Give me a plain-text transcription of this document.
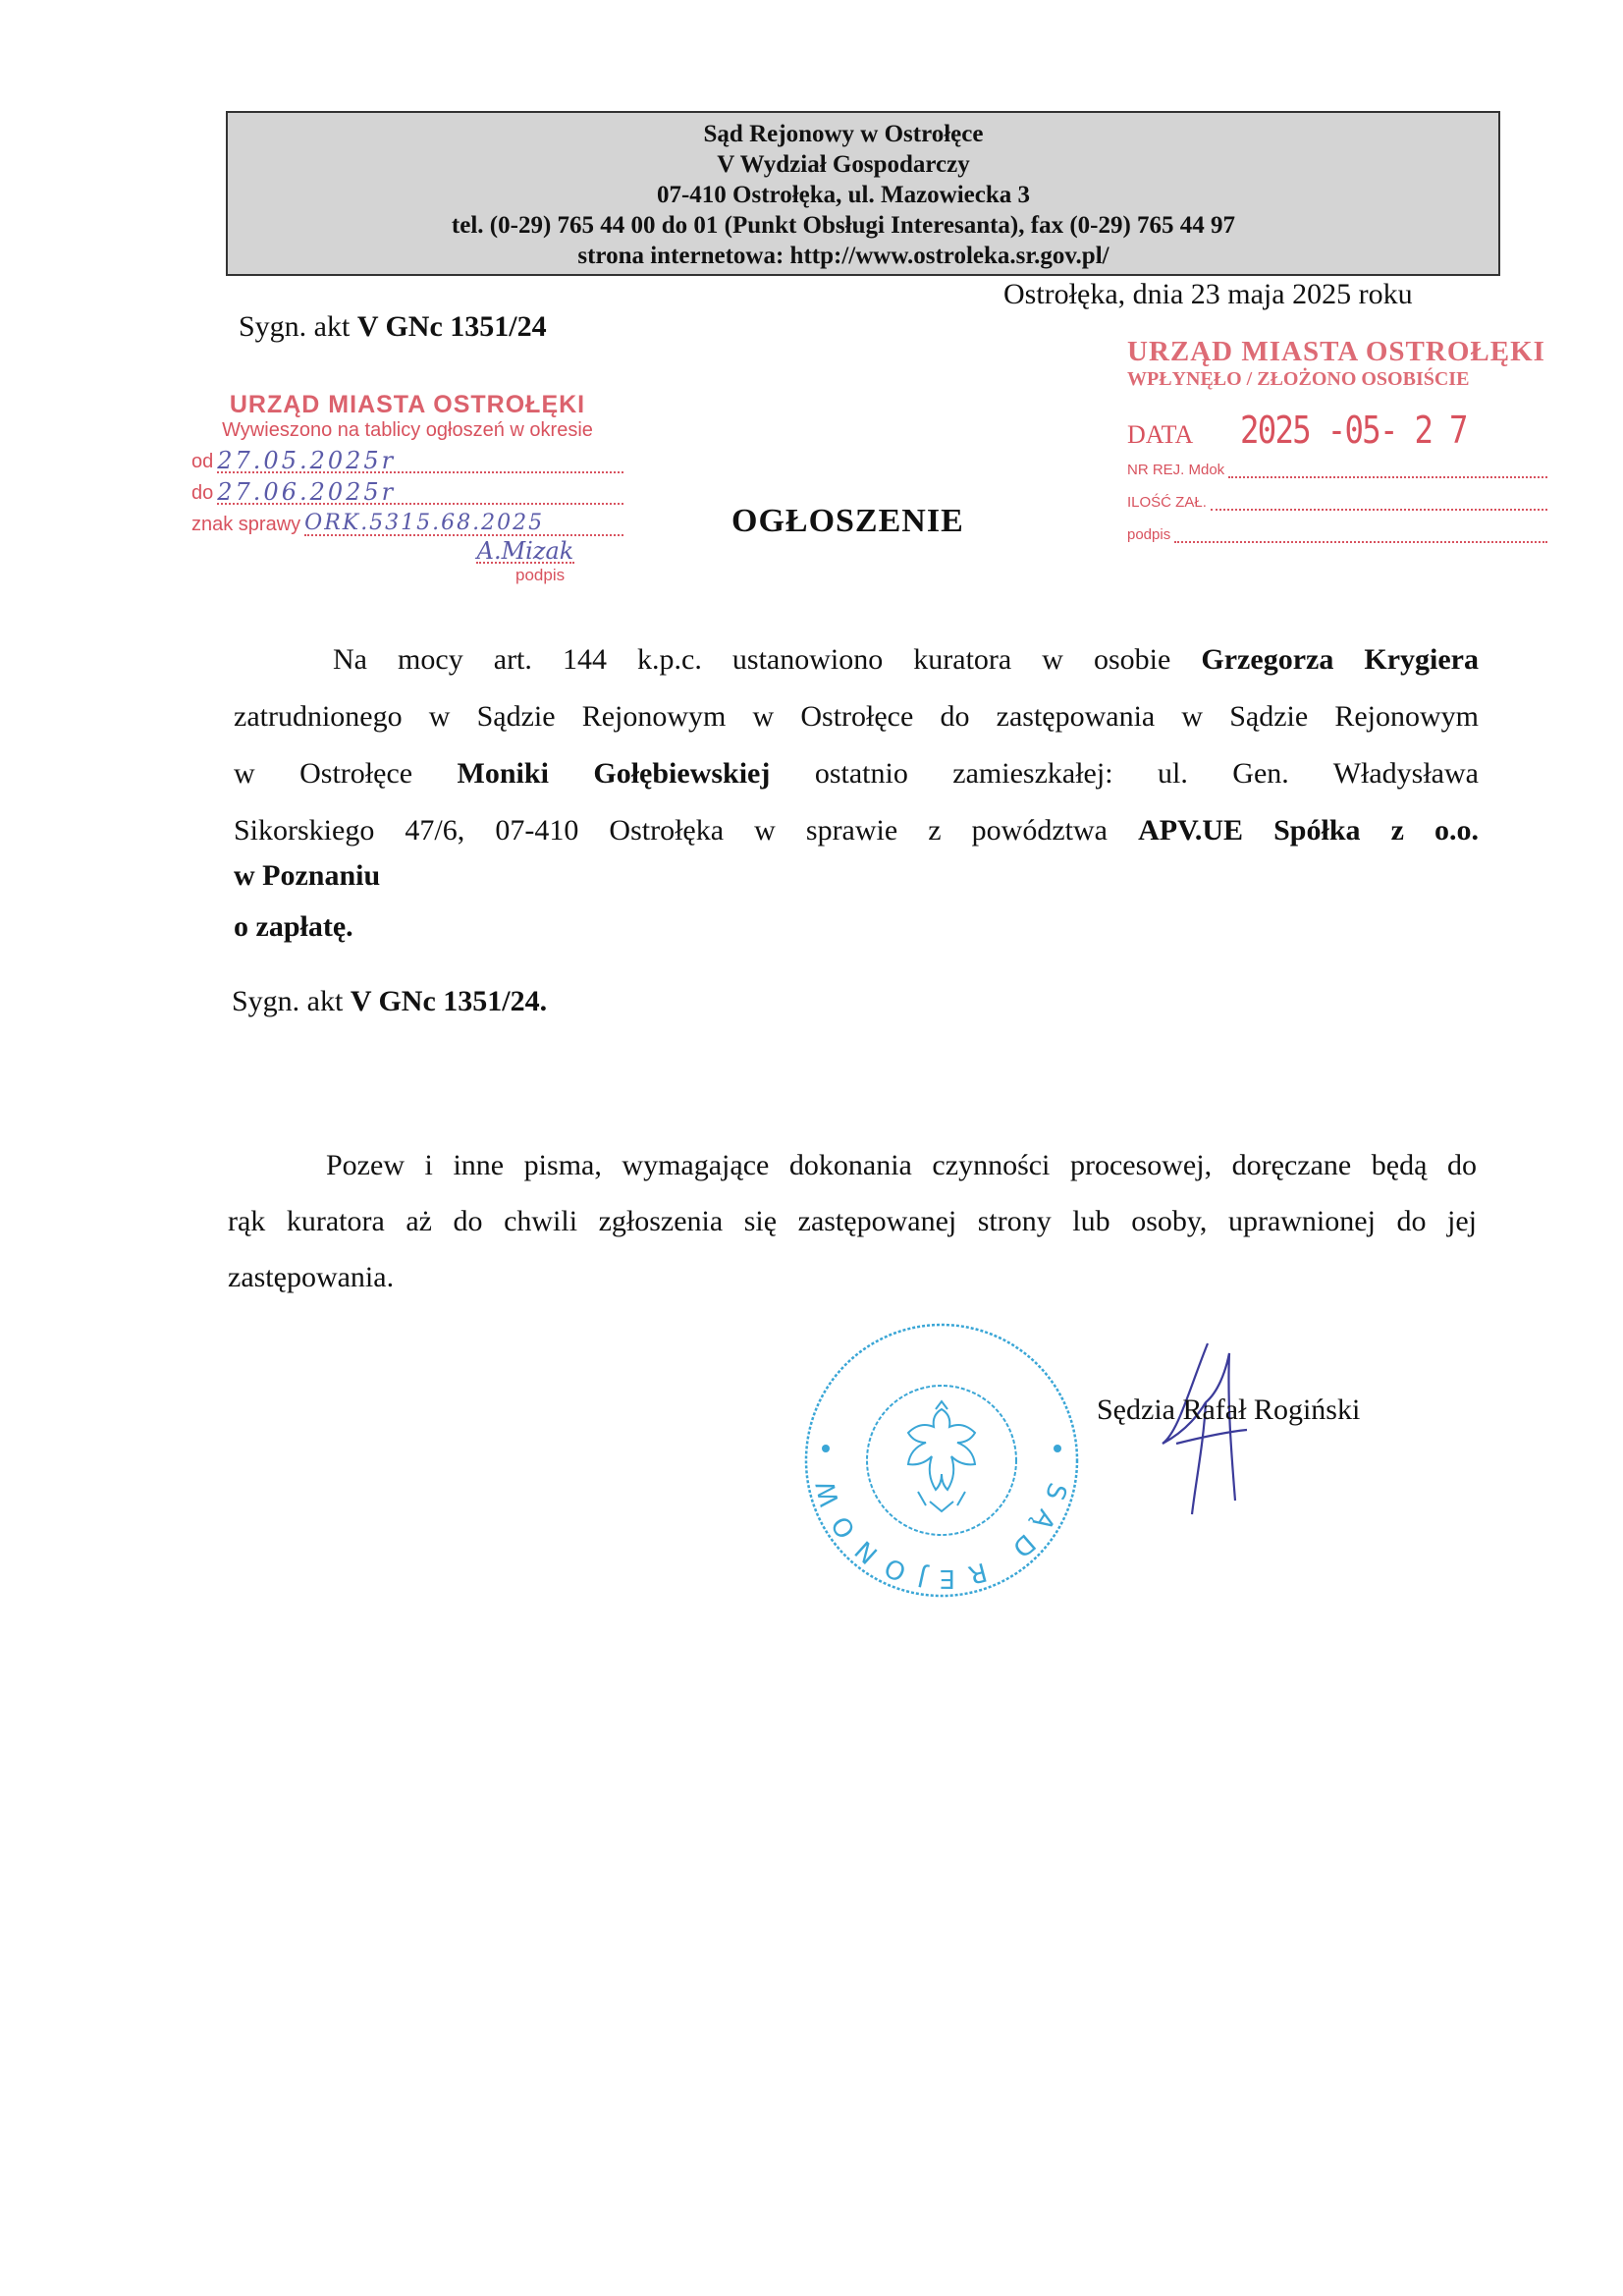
Sąd Rejonowy w Ostrołęce
V Wydział Gospodarczy
07-410 Ostrołęka, ul. Mazowiecka 3
tel. (0-29) 765 44 00 do 01 (Punkt Obsługi Interesanta), fax (0-29) 765 44 97
strona internetowa: http://www.ostroleka.sr.gov.pl/
Ostrołęka, dnia 23 maja 2025 roku
Sygn. akt V GNc 1351/24
URZĄD MIASTA OSTROŁĘKI
Wywieszono na tablicy ogłoszeń w okresie
od 27.05.2025r
do 27.06.2025r
znak sprawy ORK.5315.68.2025
A.Mizak
podpis
OGŁOSZENIE
URZĄD MIASTA OSTROŁĘKI
WPŁYNĘŁO / ZŁOŻONO OSOBIŚCIE
DATA 2025 -05- 2 7
NR REJ. Mdok
ILOŚĆ ZAŁ.
podpis
Na mocy art. 144 k.p.c. ustanowiono kuratora w osobie Grzegorza Krygiera
zatrudnionego w Sądzie Rejonowym w Ostrołęce do zastępowania w Sądzie Rejonowym
w Ostrołęce Moniki Gołębiewskiej ostatnio zamieszkałej: ul. Gen. Władysława
Sikorskiego 47/6, 07-410 Ostrołęka w sprawie z powództwa APV.UE Spółka z o.o.
w Poznaniu
o zapłatę.
Sygn. akt V GNc 1351/24.
Pozew i inne pisma, wymagające dokonania czynności procesowej, doręczane będą do
rąk kuratora aż do chwili zgłoszenia się zastępowanej strony lub osoby, uprawnionej do jej
zastępowania.
SĄD REJONOW
Sędzia Rafał Rogiński
